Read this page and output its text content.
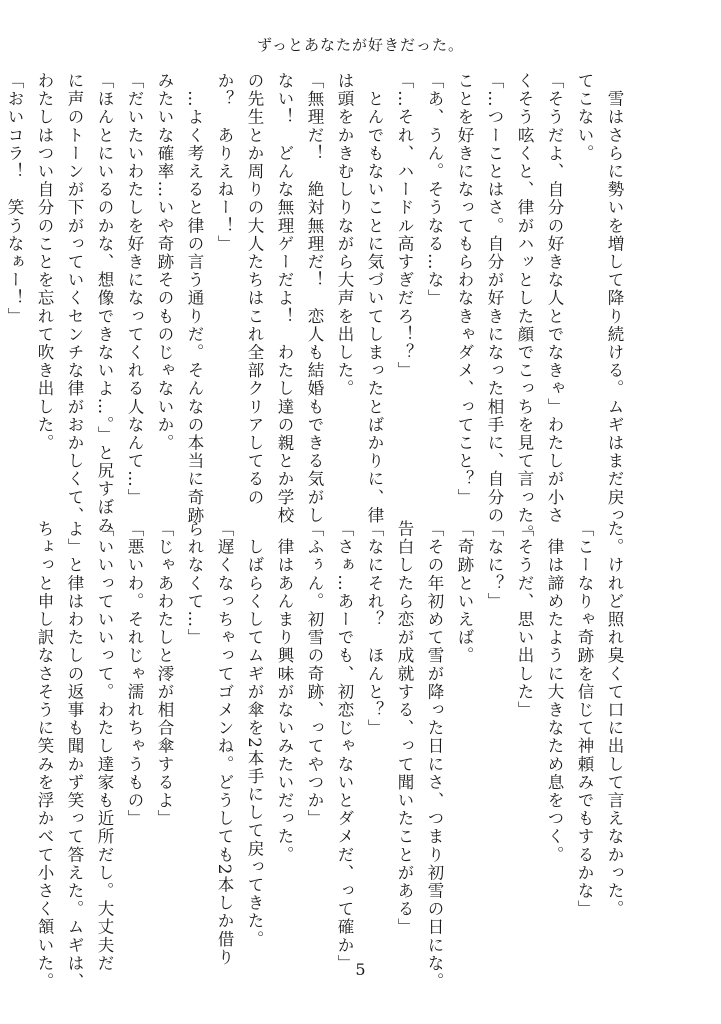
ずっとあなたが好きだった。
　雪はさらに勢いを増して降り続ける。ムギはまだ戻っ
てこない。
「そうだよ、自分の好きな人とでなきゃ」わたしが小さ
くそう呟くと、律がハッとした顔でこっちを見て言った。
「…つーことはさ。自分が好きになった相手に、自分の
ことを好きになってもらわなきゃダメ、ってこと？」
「あ、うん。そうなる…な」
「…それ、ハードル高すぎだろ！？」
　とんでもないことに気づいてしまったとばかりに、律
は頭をかきむしりながら大声を出した。
「無理だ！　絶対無理だ！　恋人も結婚もできる気がし
ない！　どんな無理ゲーだよ！　わたし達の親とか学校
の先生とか周りの大人たちはこれ全部クリアしてるの
か？　ありえねー！」
　…よく考えると律の言う通りだ。そんなの本当に奇跡
みたいな確率…いや奇跡そのものじゃないか。
「だいたいわたしを好きになってくれる人なんて…」
「ほんとにいるのかな、想像できないよ…。」と尻すぼみ
に声のトーンが下がっていくセンチな律がおかしくて、
わたしはつい自分のことを忘れて吹き出した。
「おいコラ！　笑うなぁー！」
た。けれど照れ臭くて口に出して言えなかった。
「こーなりゃ奇跡を信じて神頼みでもするかな」
　律は諦めたように大きなため息をつく。
「そうだ、思い出した」
「なに？」
「奇跡といえば。
「その年初めて雪が降った日にさ、つまり初雪の日にな。
告白したら恋が成就する、って聞いたことがある」
「なにそれ？　ほんと？」
「さぁ…あーでも、初恋じゃないとダメだ、って確か」
「ふぅん。初雪の奇跡、ってやつか」
　律はあんまり興味がないみたいだった。
　しばらくしてムギが傘を2本手にして戻ってきた。
「遅くなっちゃってゴメンね。どうしても2本しか借り
られなくて…」
「じゃあわたしと澪が相合傘するよ」
「悪いわ。それじゃ濡れちゃうもの」
「いいっていいって。わたし達家も近所だし。大丈夫だ
よ」と律はわたしの返事も聞かず笑って答えた。ムギは、
ちょっと申し訳なさそうに笑みを浮かべて小さく頷いた。	5
